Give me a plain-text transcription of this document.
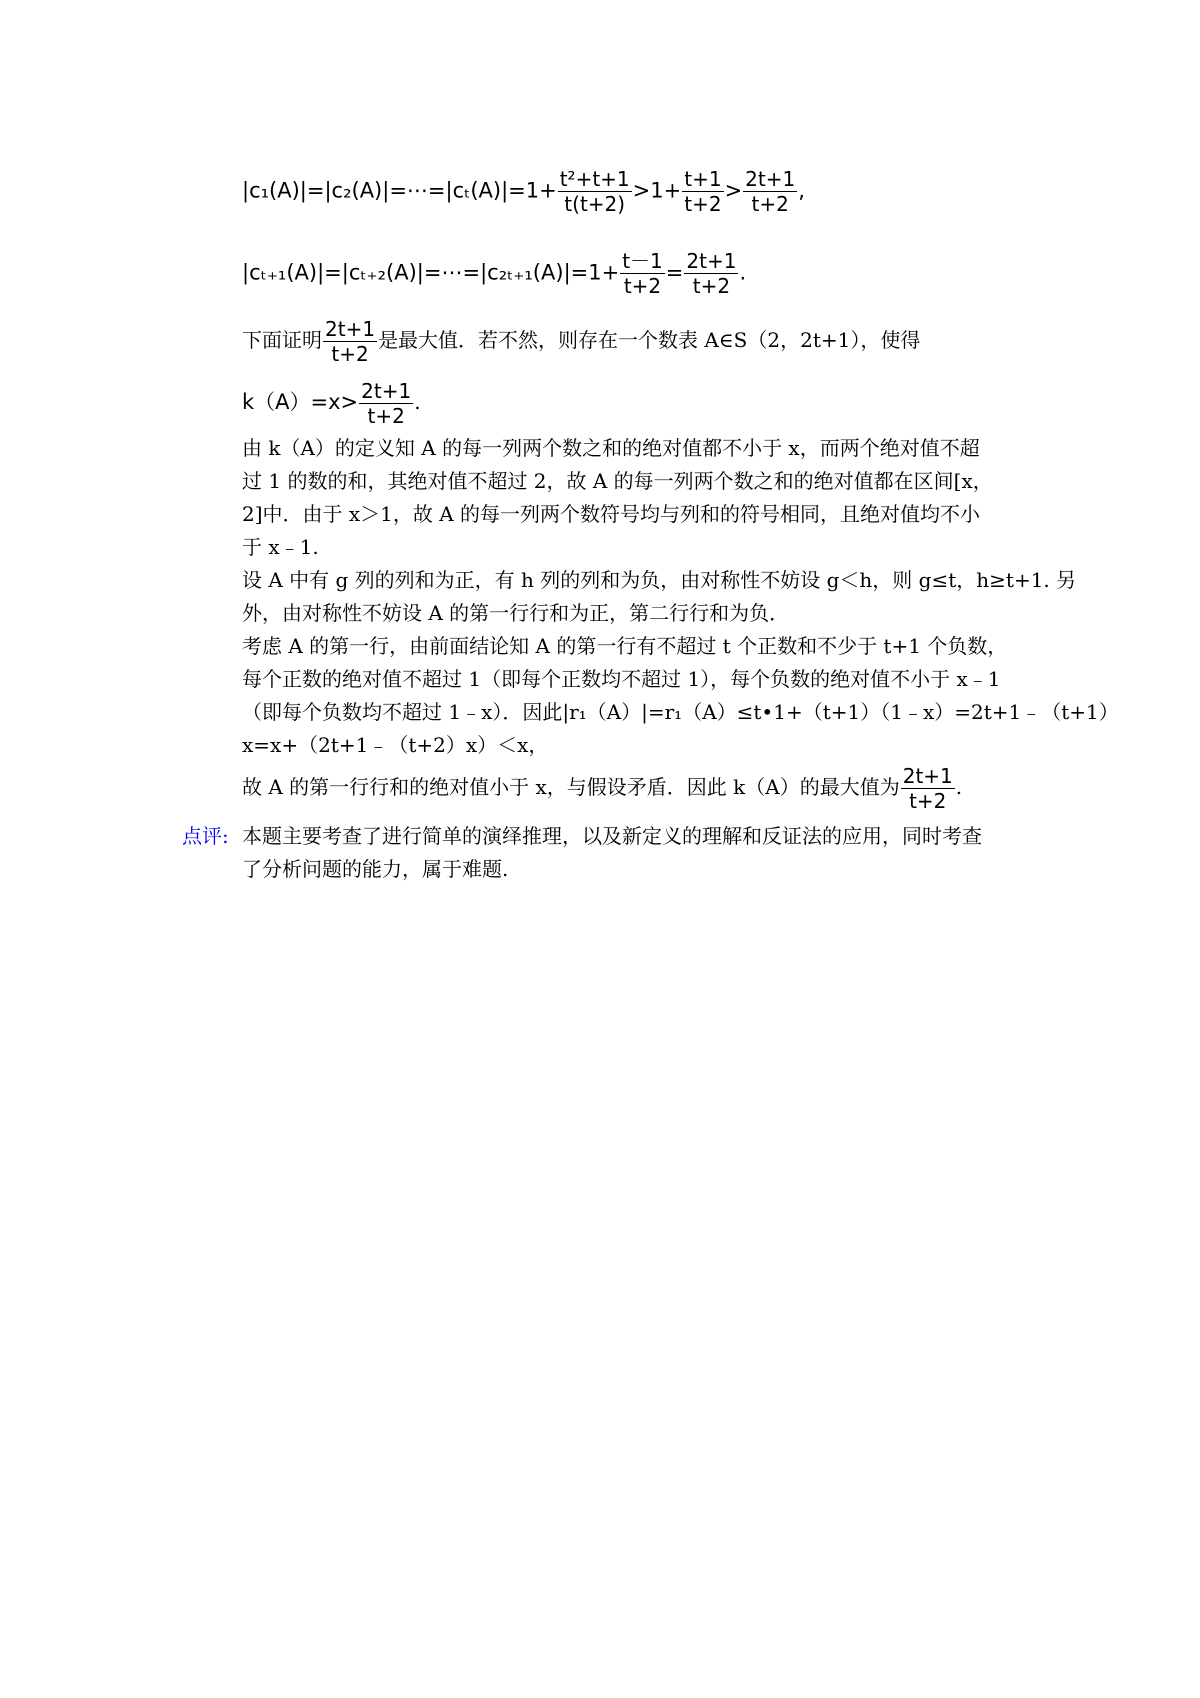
|c₁(A)|=|c₂(A)|=⋯=|cₜ(A)|=1+ $\frac{\text{t²+t+1}}{t(t+2)} >1+ \frac{t+1}{t+2} > \frac{2t+1}{t+2}$ ,
|cₜ₊₁(A)|=|cₜ₊₂(A)|=⋯=|c₂ₜ₊₁(A)|=1+ $\frac{t-1}{t+2} = \frac{2t+1}{t+2}$ .
下面证明 $\frac{2t+1}{t+2}$ 是最大值．若不然，则存在一个数表 A∈S（2，2t+1），使得
$k(A)=x> \frac{2t+1}{t+2}$ .
由 k（A）的定义知 A 的每一列两个数之和的绝对值都不小于 x，而两个绝对值不超
过 1 的数的和，其绝对值不超过 2，故 A 的每一列两个数之和的绝对值都在区间[x，
2]中．由于 x＞1，故 A 的每一列两个数符号均与列和的符号相同，且绝对值均不小
于 x﹣1.
设 A 中有 g 列的列和为正，有 h 列的列和为负，由对称性不妨设 g＜h，则 g≤t，h≥t+1. 另
外，由对称性不妨设 A 的第一行行和为正，第二行行和为负．
考虑 A 的第一行，由前面结论知 A 的第一行有不超过 t 个正数和不少于 t+1 个负数，
每个正数的绝对值不超过 1（即每个正数均不超过 1），每个负数的绝对值不小于 x﹣1
（即每个负数均不超过 1﹣x）．因此|r₁（A）|=r₁（A）≤t•1+（t+1）（1﹣x）=2t+1﹣（t+1）
x=x+（2t+1﹣（t+2）x）＜x，
故 A 的第一行行和的绝对值小于 x，与假设矛盾．因此 k（A）的最大值为 $\frac{2t+1}{t+2}$ .
点评: 本题主要考查了进行简单的演绎推理，以及新定义的理解和反证法的应用，同时考查
了分析问题的能力，属于难题.
